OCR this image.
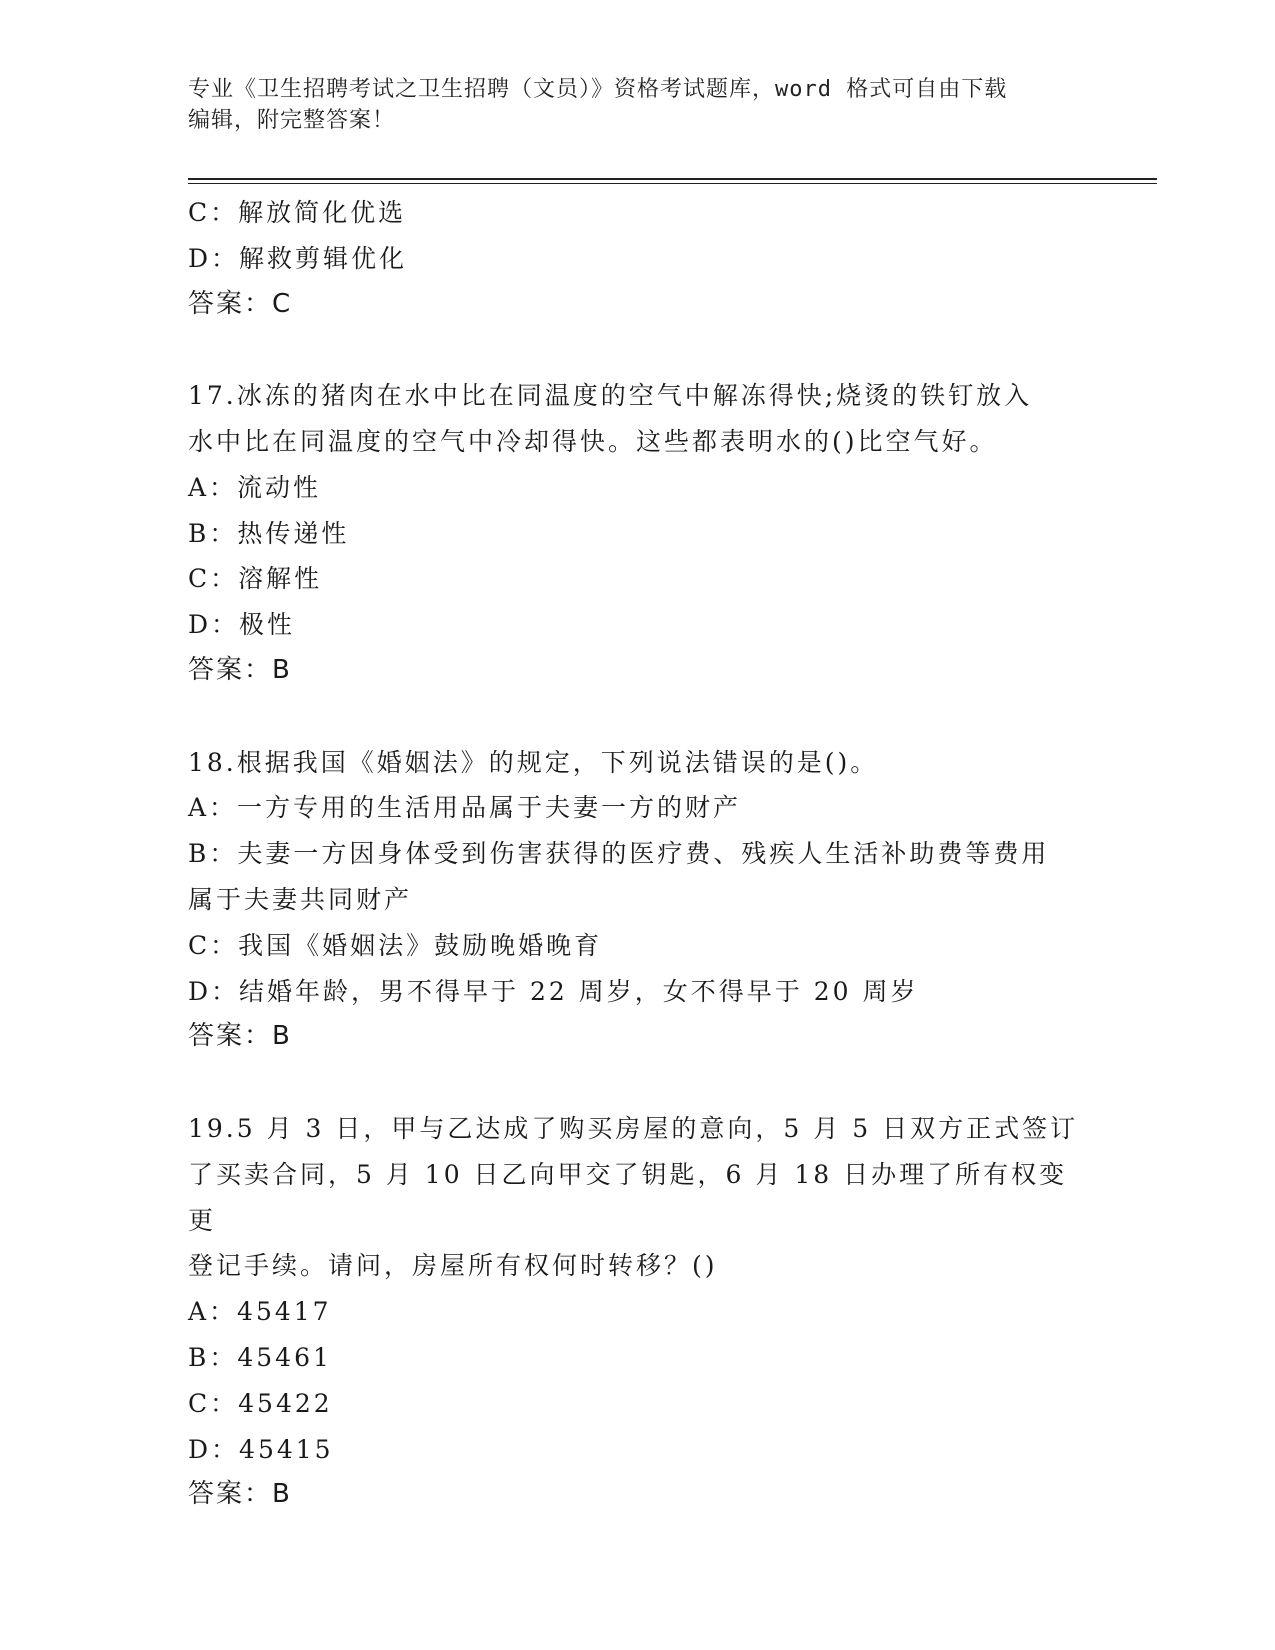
专业《卫生招聘考试之卫生招聘（文员）》资格考试题库，word 格式可自由下载
编辑，附完整答案！

C：解放简化优选

D：解救剪辑优化

答案：C

17.冰冻的猪肉在水中比在同温度的空气中解冻得快;烧烫的铁钉放入

水中比在同温度的空气中冷却得快。这些都表明水的()比空气好。

A：流动性

B：热传递性

C：溶解性

D：极性

答案：B

18.根据我国《婚姻法》的规定，下列说法错误的是()。

A：一方专用的生活用品属于夫妻一方的财产

B：夫妻一方因身体受到伤害获得的医疗费、残疾人生活补助费等费用

属于夫妻共同财产

C：我国《婚姻法》鼓励晚婚晚育

D：结婚年龄，男不得早于 22 周岁，女不得早于 20 周岁

答案：B

19.5 月 3 日，甲与乙达成了购买房屋的意向，5 月 5 日双方正式签订

了买卖合同，5 月 10 日乙向甲交了钥匙，6 月 18 日办理了所有权变更

登记手续。请问，房屋所有权何时转移？()

A：45417

B：45461

C：45422

D：45415

答案：B
